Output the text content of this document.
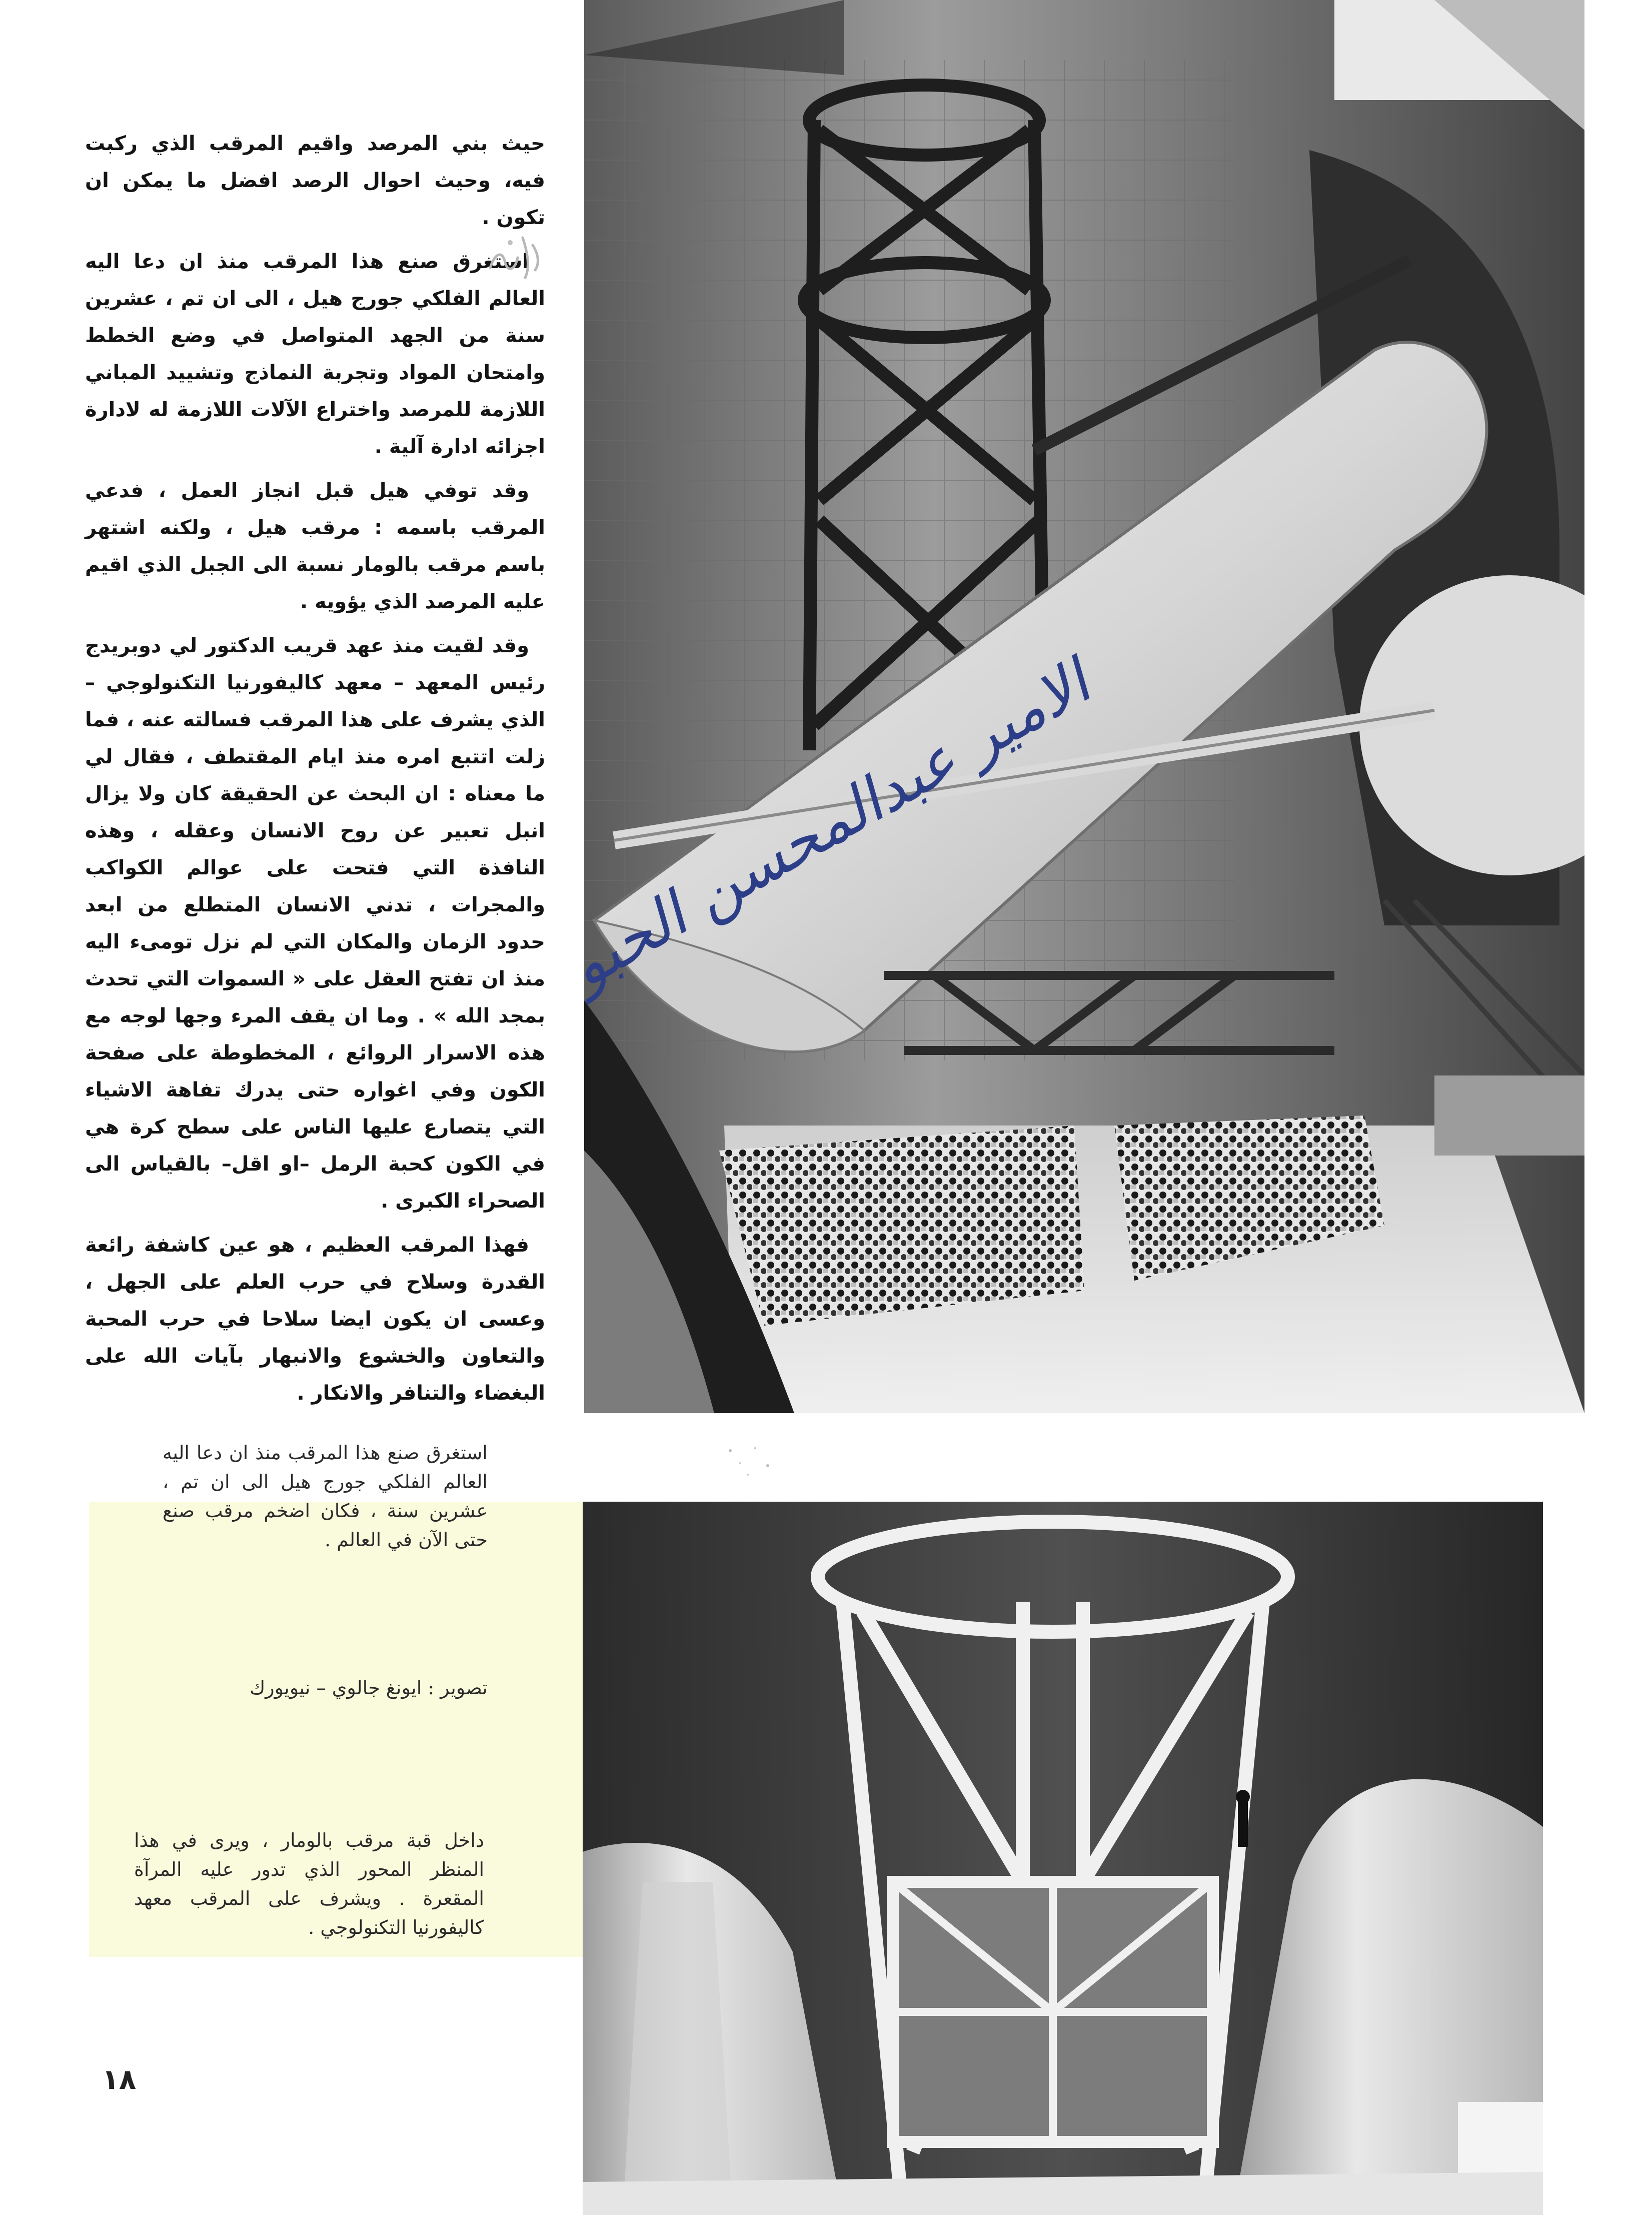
حيث بني المرصد واقيم المرقب الذي ركبت فيه، وحيث احوال الرصد افضل ما يمكن ان تكون .

استغرق صنع هذا المرقب منذ ان دعا اليه العالم الفلكي جورج هيل ، الى ان تم ، عشرين سنة من الجهد المتواصل في وضع الخطط وامتحان المواد وتجربة النماذج وتشييد المباني اللازمة للمرصد واختراع الآلات اللازمة له لادارة اجزائه ادارة آلية .

وقد توفي هيل قبل انجاز العمل ، فدعي المرقب باسمه : مرقب هيل ، ولكنه اشتهر باسم مرقب بالومار نسبة الى الجبل الذي اقيم عليه المرصد الذي يؤويه .

وقد لقيت منذ عهد قريب الدكتور لي دوبريدج رئيس المعهد – معهد كاليفورنيا التكنولوجي – الذي يشرف على هذا المرقب فسالته عنه ، فما زلت اتتبع امره منذ ايام المقتطف ، فقال لي ما معناه : ان البحث عن الحقيقة كان ولا يزال انبل تعبير عن روح الانسان وعقله ، وهذه النافذة التي فتحت على عوالم الكواكب والمجرات ، تدني الانسان المتطلع من ابعد حدود الزمان والمكان التي لم نزل تومىء اليه منذ ان تفتح العقل على « السموات التي تحدث بمجد الله » . وما ان يقف المرء وجها لوجه مع هذه الاسرار الروائع ، المخطوطة على صفحة الكون وفي اغواره حتى يدرك تفاهة الاشياء التي يتصارع عليها الناس على سطح كرة هي في الكون كحبة الرمل –او اقل– بالقياس الى الصحراء الكبرى .

فهذا المرقب العظيم ، هو عين كاشفة رائعة القدرة وسلاح في حرب العلم على الجهل ، وعسى ان يكون ايضا سلاحا في حرب المحبة والتعاون والخشوع والانبهار بآيات الله على البغضاء والتنافر والانكار .

الامير عبدالمحسن الحبوب

استغرق صنع هذا المرقب منذ ان دعا اليه العالم الفلكي جورج هيل الى ان تم ، عشرين سنة ، فكان اضخم مرقب صنع حتى الآن في العالم .

تصوير : ايونغ جالوي – نيويورك

داخل قبة مرقب بالومار ، ويرى في هذا المنظر المحور الذي تدور عليه المرآة المقعرة . ويشرف على المرقب معهد كاليفورنيا التكنولوجي .

١٨
